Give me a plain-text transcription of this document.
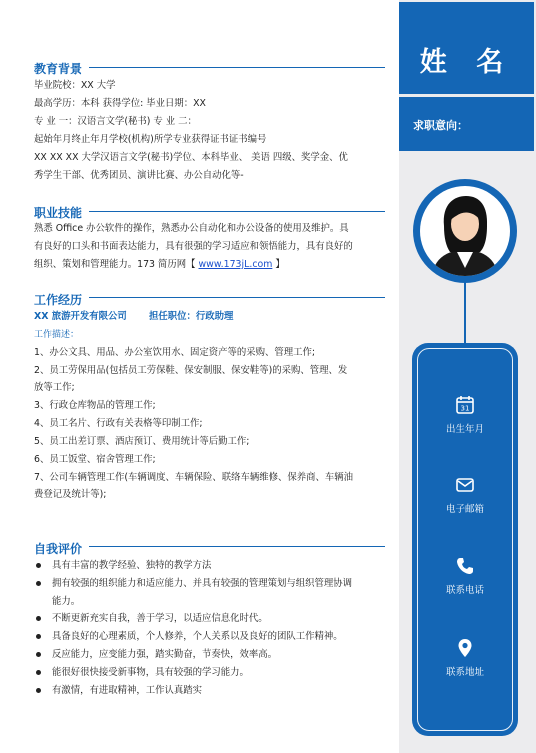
姓 名
求职意向：
31
出生年月
电子邮箱
联系电话
联系地址
教育背景
毕业院校：XX 大学
最高学历：本科 获得学位: 毕业日期：XX
专 业 一：汉语言文学(秘书) 专 业 二：
起始年月终止年月学校(机构)所学专业获得证书证书编号
XX XX XX 大学汉语言文学(秘书)学位、本科毕业、 美语 四级、奖学金、优
秀学生干部、优秀团员、演讲比赛、办公自动化等-
职业技能
熟悉 Office 办公软件的操作，熟悉办公自动化和办公设备的使用及维护。具
有良好的口头和书面表达能力，具有很强的学习适应和领悟能力，具有良好的
组织、策划和管理能力。173 简历网【 www.173jL.com 】
工作经历
XX 旅游开发有限公司 担任职位：行政助理
工作描述：
1、办公文具、用品、办公室饮用水、固定资产等的采购、管理工作;
2、员工劳保用品(包括员工劳保鞋、保安制服、保安鞋等)的采购、管理、发
放等工作;
3、行政仓库物品的管理工作;
4、员工名片、行政有关表格等印制工作;
5、员工出差订票、酒店预订、费用统计等后勤工作;
6、员工饭堂、宿舍管理工作;
7、公司车辆管理工作(车辆调度、车辆保险、联络车辆维修、保养商、车辆油
费登记及统计等);
自我评价
具有丰富的教学经验、独特的教学方法
拥有较强的组织能力和适应能力、并具有较强的管理策划与组织管理协调
能力。
不断更新充实自我，善于学习，以适应信息化时代。
具备良好的心理素质，个人修养，个人关系以及良好的团队工作精神。
反应能力，应变能力强，踏实勤奋，节奏快，效率高。
能很好很快接受新事物，具有较强的学习能力。
有激情，有进取精神，工作认真踏实
